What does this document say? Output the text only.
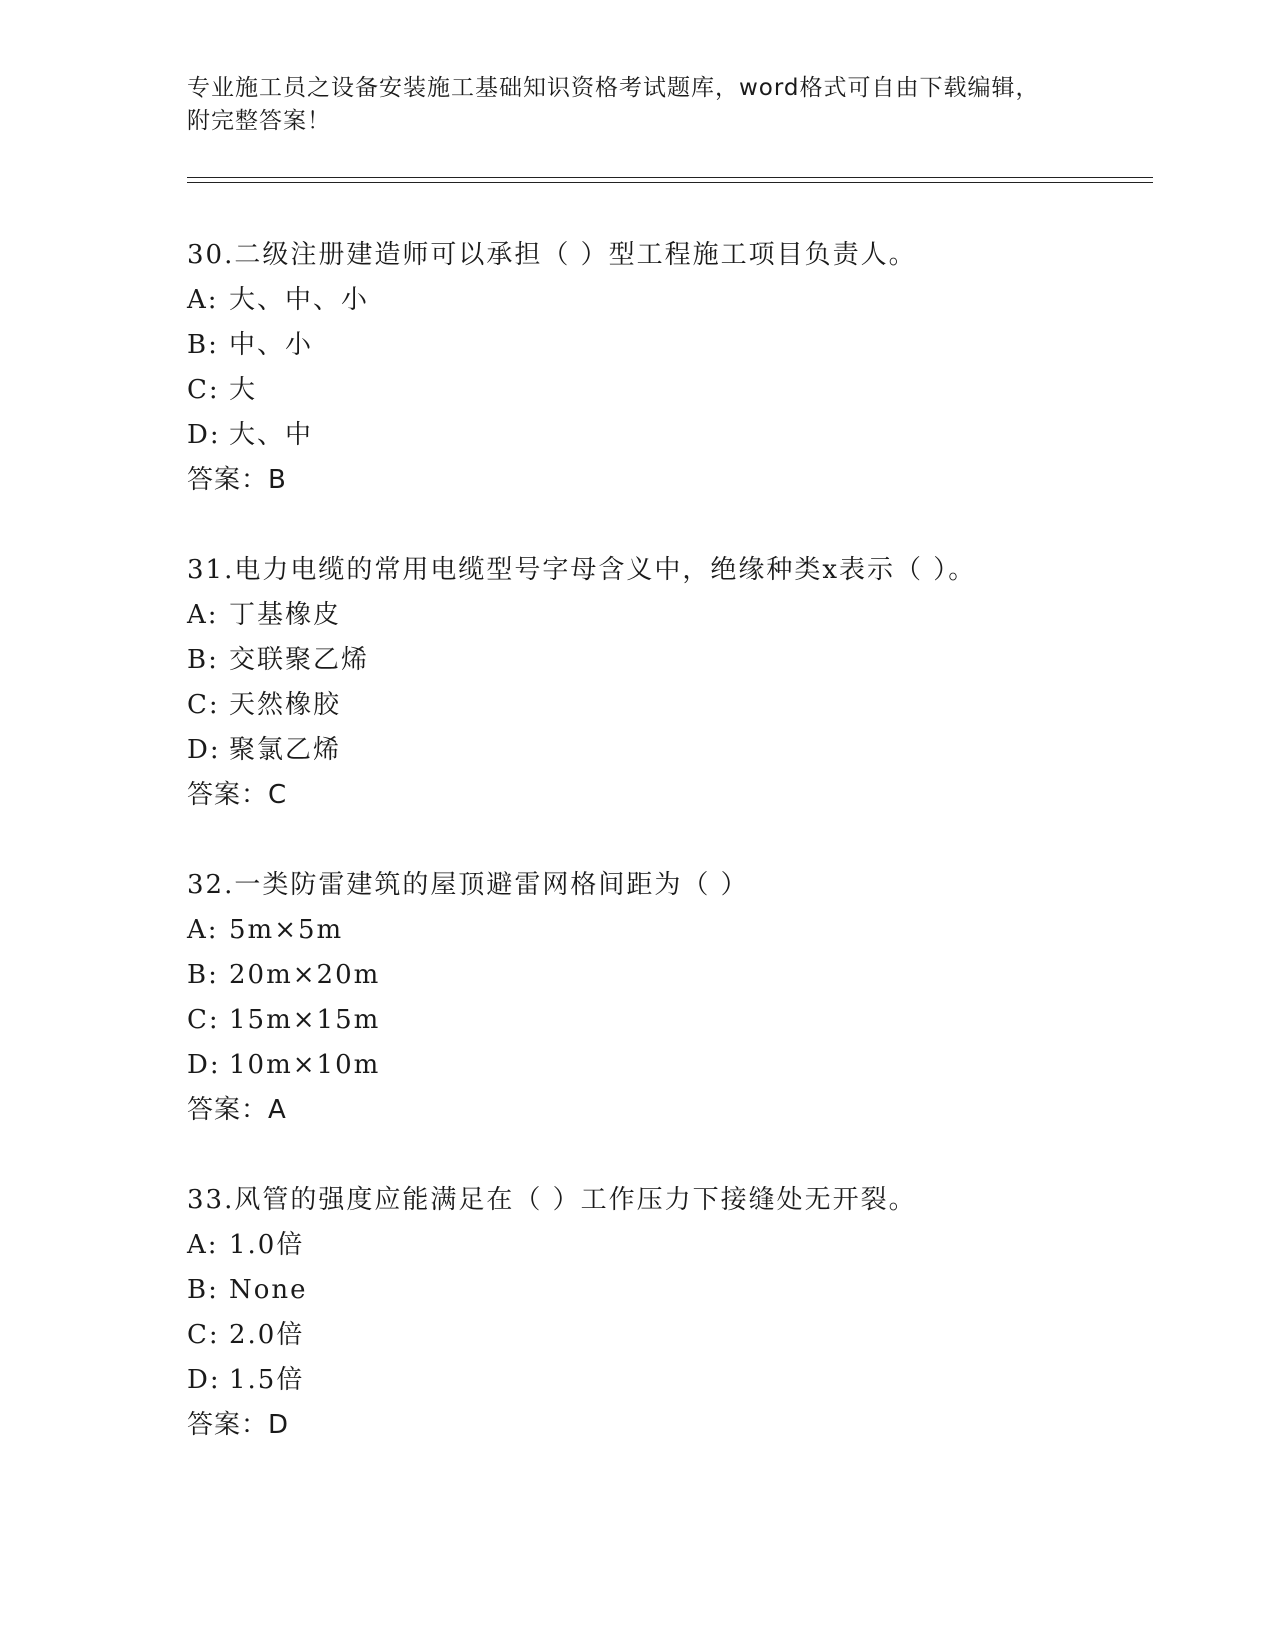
专业施工员之设备安装施工基础知识资格考试题库，word格式可自由下载编辑，
附完整答案！
30.二级注册建造师可以承担（ ）型工程施工项目负责人。
A: 大、中、小
B: 中、小
C: 大
D: 大、中
答案：B
31.电力电缆的常用电缆型号字母含义中，绝缘种类x表示（ ）。
A: 丁基橡皮
B: 交联聚乙烯
C: 天然橡胶
D: 聚氯乙烯
答案：C
32.一类防雷建筑的屋顶避雷网格间距为（ ）
A: 5m×5m
B: 20m×20m
C: 15m×15m
D: 10m×10m
答案：A
33.风管的强度应能满足在（ ）工作压力下接缝处无开裂。
A: 1.0倍
B: None
C: 2.0倍
D: 1.5倍
答案：D
